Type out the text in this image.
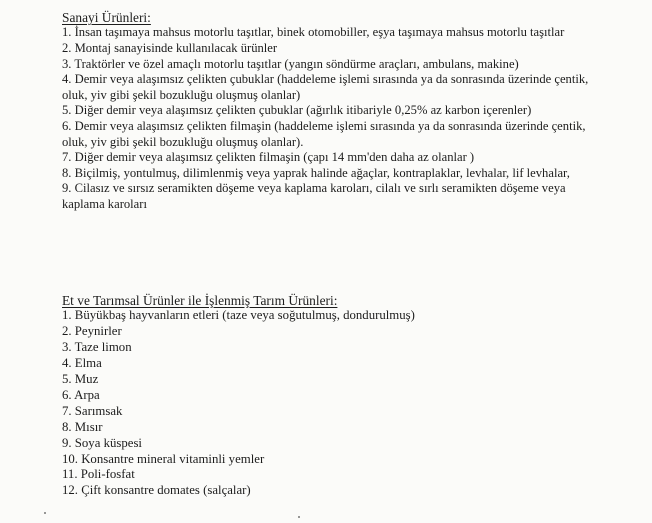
Sanayi Ürünleri:

1. İnsan taşımaya mahsus motorlu taşıtlar, binek otomobiller, eşya taşımaya mahsus motorlu taşıtlar
2. Montaj sanayisinde kullanılacak ürünler
3. Traktörler ve özel amaçlı motorlu taşıtlar (yangın söndürme araçları, ambulans, makine)
4. Demir veya alaşımsız çelikten çubuklar (haddeleme işlemi sırasında ya da sonrasında üzerinde çentik, oluk, yiv gibi şekil bozukluğu oluşmuş olanlar)
5. Diğer demir veya alaşımsız çelikten çubuklar (ağırlık itibariyle 0,25% az karbon içerenler)
6. Demir veya alaşımsız çelikten filmaşin (haddeleme işlemi sırasında ya da sonrasında üzerinde çentik, oluk, yiv gibi şekil bozukluğu oluşmuş olanlar).
7. Diğer demir veya alaşımsız çelikten filmaşin (çapı 14 mm'den daha az olanlar )
8. Biçilmiş, yontulmuş, dilimlenmiş veya yaprak halinde ağaçlar, kontraplaklar, levhalar, lif levhalar,
9. Cilasız ve sırsız seramikten döşeme veya kaplama karoları, cilalı ve sırlı seramikten döşeme veya kaplama karoları

Et ve Tarımsal Ürünler ile İşlenmiş Tarım Ürünleri:

1. Büyükbaş hayvanların etleri (taze veya soğutulmuş, dondurulmuş)
2. Peynirler
3. Taze limon
4. Elma
5. Muz
6. Arpa
7. Sarımsak
8. Mısır
9. Soya küspesi
10. Konsantre mineral vitaminli yemler
11. Poli-fosfat
12. Çift konsantre domates (salçalar)
